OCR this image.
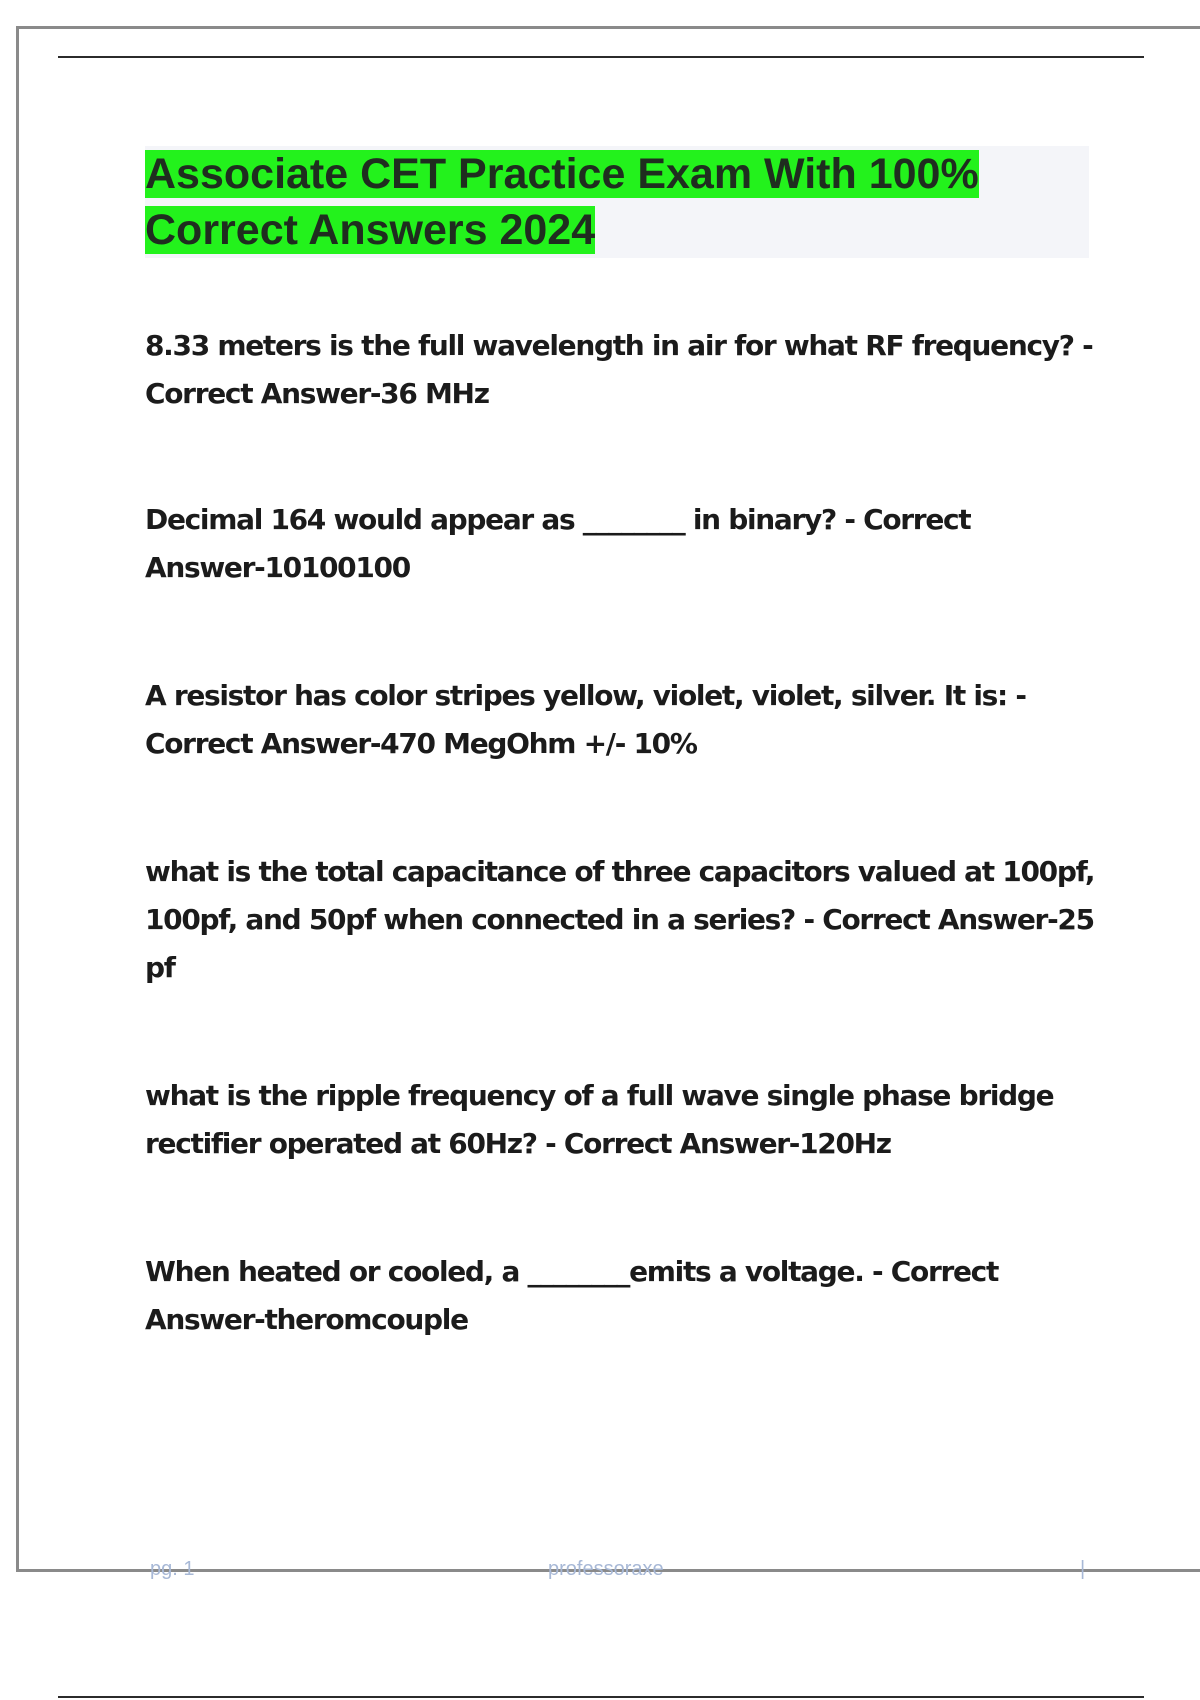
Associate CET Practice Exam With 100% Correct Answers 2024

8.33 meters is the full wavelength in air for what RF frequency? - Correct Answer-36 MHz

Decimal 164 would appear as ________ in binary? - Correct Answer-10100100

A resistor has color stripes yellow, violet, violet, silver. It is: - Correct Answer-470 MegOhm +/- 10%

what is the total capacitance of three capacitors valued at 100pf, 100pf, and 50pf when connected in a series? - Correct Answer-25 pf

what is the ripple frequency of a full wave single phase bridge rectifier operated at 60Hz? - Correct Answer-120Hz

When heated or cooled, a ________emits a voltage. - Correct Answer-theromcouple

pg. 1	professoraxe	|
